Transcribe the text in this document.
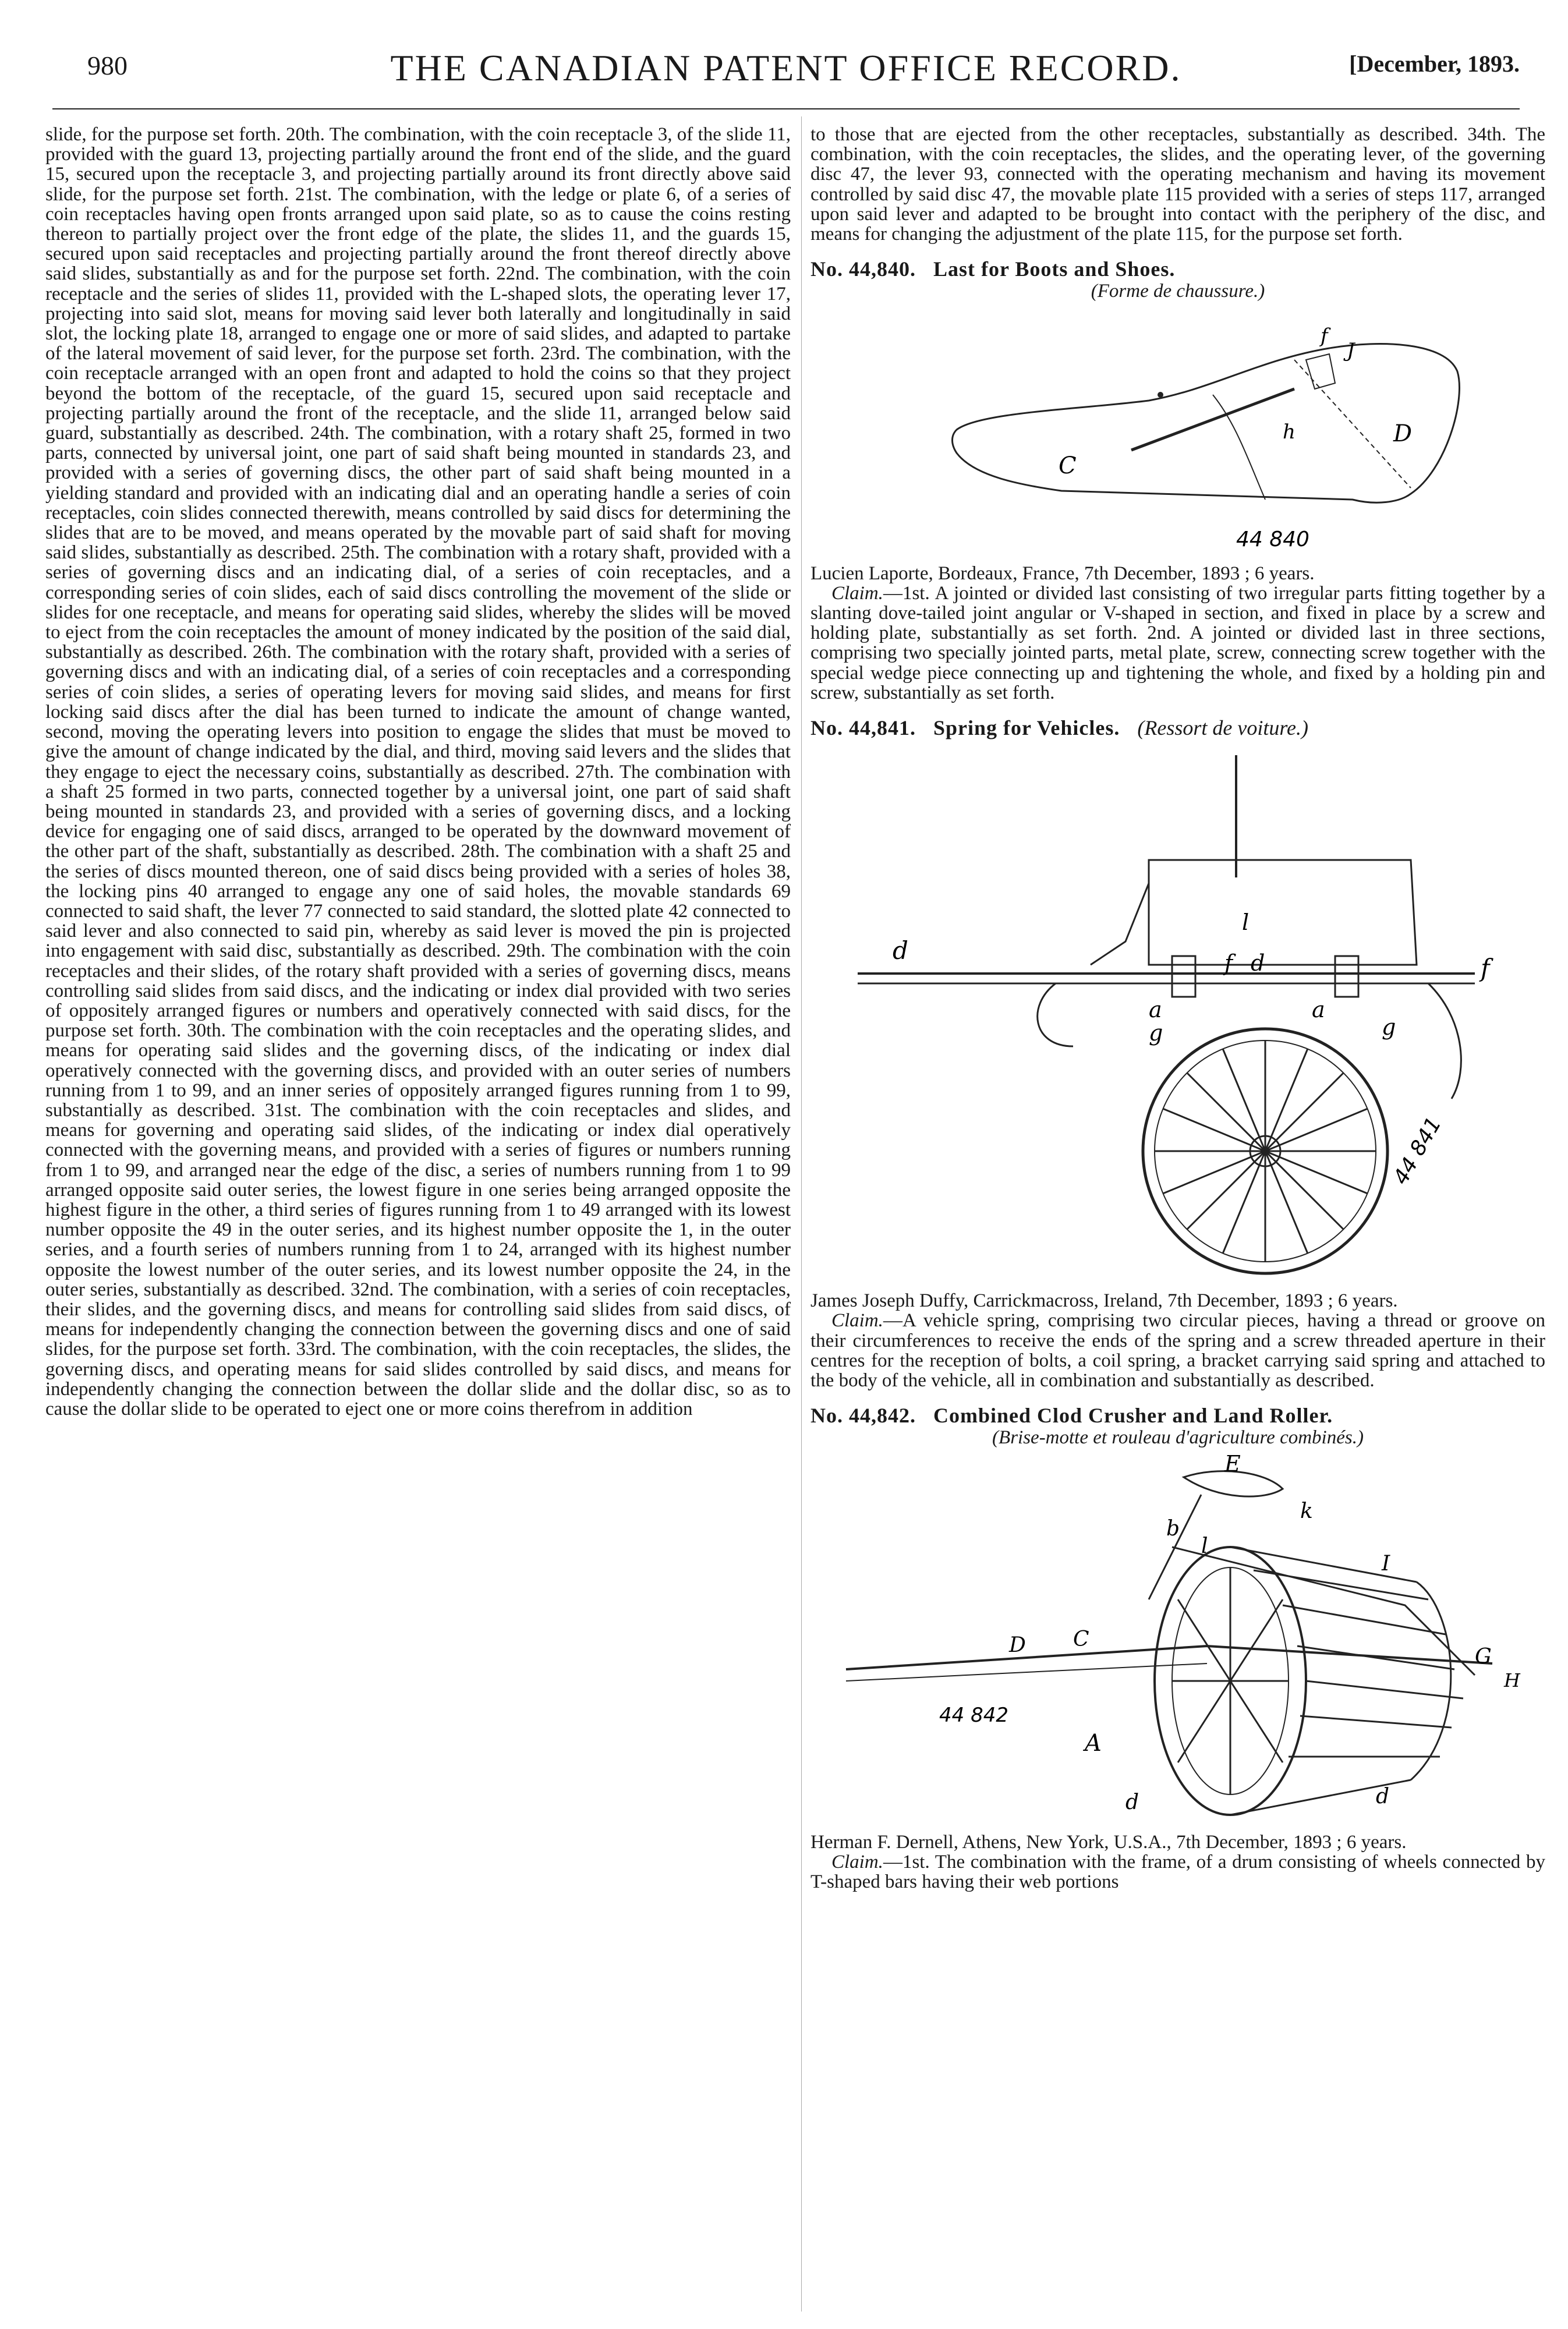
980	THE CANADIAN PATENT OFFICE RECORD.	[December, 1893.

slide, for the purpose set forth. 20th. The combination, with the coin receptacle 3, of the slide 11, provided with the guard 13, projecting partially around the front end of the slide, and the guard 15, secured upon the receptacle 3, and projecting partially around its front directly above said slide, for the purpose set forth. 21st. The combination, with the ledge or plate 6, of a series of coin receptacles having open fronts arranged upon said plate, so as to cause the coins resting thereon to partially project over the front edge of the plate, the slides 11, and the guards 15, secured upon said receptacles and projecting partially around the front thereof directly above said slides, substantially as and for the purpose set forth. 22nd. The combination, with the coin receptacle and the series of slides 11, provided with the L-shaped slots, the operating lever 17, projecting into said slot, means for moving said lever both laterally and longitudinally in said slot, the locking plate 18, arranged to engage one or more of said slides, and adapted to partake of the lateral movement of said lever, for the purpose set forth. 23rd. The combination, with the coin receptacle arranged with an open front and adapted to hold the coins so that they project beyond the bottom of the receptacle, of the guard 15, secured upon said receptacle and projecting partially around the front of the receptacle, and the slide 11, arranged below said guard, substantially as described. 24th. The combination, with a rotary shaft 25, formed in two parts, connected by universal joint, one part of said shaft being mounted in standards 23, and provided with a series of governing discs, the other part of said shaft being mounted in a yielding standard and provided with an indicating dial and an operating handle a series of coin receptacles, coin slides connected therewith, means controlled by said discs for determining the slides that are to be moved, and means operated by the movable part of said shaft for moving said slides, substantially as described. 25th. The combination with a rotary shaft, provided with a series of governing discs and an indicating dial, of a series of coin receptacles, and a corresponding series of coin slides, each of said discs controlling the movement of the slide or slides for one receptacle, and means for operating said slides, whereby the slides will be moved to eject from the coin receptacles the amount of money indicated by the position of the said dial, substantially as described. 26th. The combination with the rotary shaft, provided with a series of governing discs and with an indicating dial, of a series of coin receptacles and a corresponding series of coin slides, a series of operating levers for moving said slides, and means for first locking said discs after the dial has been turned to indicate the amount of change wanted, second, moving the operating levers into position to engage the slides that must be moved to give the amount of change indicated by the dial, and third, moving said levers and the slides that they engage to eject the necessary coins, substantially as described. 27th. The combination with a shaft 25 formed in two parts, connected together by a universal joint, one part of said shaft being mounted in standards 23, and provided with a series of governing discs, and a locking device for engaging one of said discs, arranged to be operated by the downward movement of the other part of the shaft, substantially as described. 28th. The combination with a shaft 25 and the series of discs mounted thereon, one of said discs being provided with a series of holes 38, the locking pins 40 arranged to engage any one of said holes, the movable standards 69 connected to said shaft, the lever 77 connected to said standard, the slotted plate 42 connected to said lever and also connected to said pin, whereby as said lever is moved the pin is projected into engagement with said disc, substantially as described. 29th. The combination with the coin receptacles and their slides, of the rotary shaft provided with a series of governing discs, means controlling said slides from said discs, and the indicating or index dial provided with two series of oppositely arranged figures or numbers and operatively connected with said discs, for the purpose set forth. 30th. The combination with the coin receptacles and the operating slides, and means for operating said slides and the governing discs, of the indicating or index dial operatively connected with the governing discs, and provided with an outer series of numbers running from 1 to 99, and an inner series of oppositely arranged figures running from 1 to 99, substantially as described. 31st. The combination with the coin receptacles and slides, and means for governing and operating said slides, of the indicating or index dial operatively connected with the governing means, and provided with a series of figures or numbers running from 1 to 99, and arranged near the edge of the disc, a series of numbers running from 1 to 99 arranged opposite said outer series, the lowest figure in one series being arranged opposite the highest figure in the other, a third series of figures running from 1 to 49 arranged with its lowest number opposite the 49 in the outer series, and its highest number opposite the 1, in the outer series, and a fourth series of numbers running from 1 to 24, arranged with its highest number opposite the lowest number of the outer series, and its lowest number opposite the 24, in the outer series, substantially as described. 32nd. The combination, with a series of coin receptacles, their slides, and the governing discs, and means for controlling said slides from said discs, of means for independently changing the connection between the governing discs and one of said slides, for the purpose set forth. 33rd. The combination, with the coin receptacles, the slides, the governing discs, and operating means for said slides controlled by said discs, and means for independently changing the connection between the dollar slide and the dollar disc, so as to cause the dollar slide to be operated to eject one or more coins therefrom in addition

to those that are ejected from the other receptacles, substantially as described. 34th. The combination, with the coin receptacles, the slides, and the operating lever, of the governing disc 47, the lever 93, connected with the operating mechanism and having its movement controlled by said disc 47, the movable plate 115 provided with a series of steps 117, arranged upon said lever and adapted to be brought into contact with the periphery of the disc, and means for changing the adjustment of the plate 115, for the purpose set forth.

No. 44,840. Last for Boots and Shoes.

(Forme de chaussure.)

C
D
h
f
J
44 840

Lucien Laporte, Bordeaux, France, 7th December, 1893 ; 6 years.

Claim.—1st. A jointed or divided last consisting of two irregular parts fitting together by a slanting dove-tailed joint angular or V-shaped in section, and fixed in place by a screw and holding plate, substantially as set forth. 2nd. A jointed or divided last in three sections, comprising two specially jointed parts, metal plate, screw, connecting screw together with the special wedge piece connecting up and tightening the whole, and fixed by a holding pin and screw, substantially as set forth.

No. 44,841. Spring for Vehicles. (Ressort de voiture.)

d	f d
a	a
g	g
f
l
44 841

James Joseph Duffy, Carrickmacross, Ireland, 7th December, 1893 ; 6 years.

Claim.—A vehicle spring, comprising two circular pieces, having a thread or groove on their circumferences to receive the ends of the spring and a screw threaded aperture in their centres for the reception of bolts, a coil spring, a bracket carrying said spring and attached to the body of the vehicle, all in combination and substantially as described.

No. 44,842. Combined Clod Crusher and Land Roller.

(Brise-motte et rouleau d'agriculture combinés.)

E
b
l
k
I
D C
G
H
A
d	d
44 842

Herman F. Dernell, Athens, New York, U.S.A., 7th December, 1893 ; 6 years.

Claim.—1st. The combination with the frame, of a drum consisting of wheels connected by T-shaped bars having their web portions
